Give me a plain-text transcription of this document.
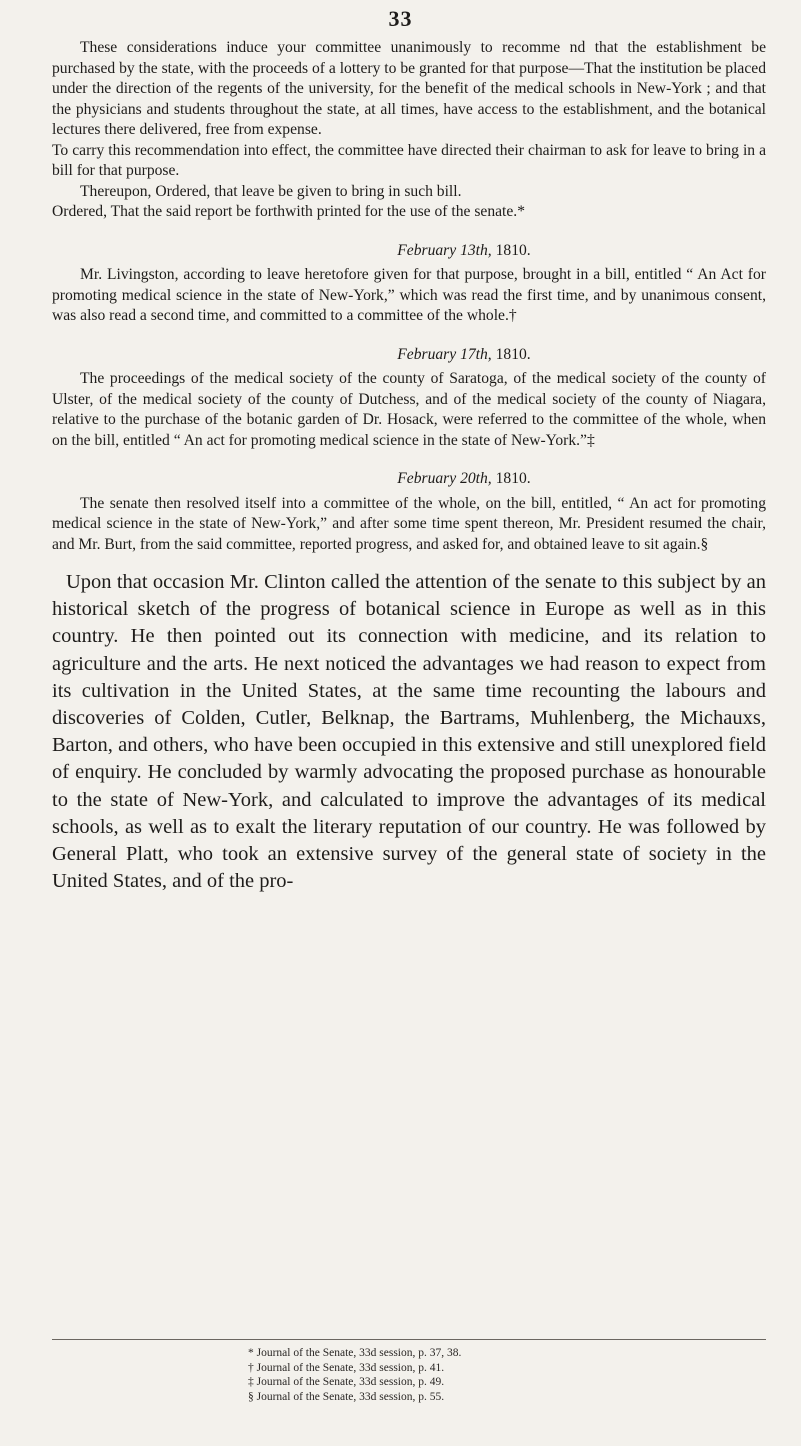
33

These considerations induce your committee unanimously to recomme nd that the establishment be purchased by the state, with the proceeds of a lottery to be granted for that purpose—That the institution be placed under the direction of the regents of the university, for the benefit of the medical schools in New-York ; and that the physicians and students throughout the state, at all times, have access to the establishment, and the botanical lectures there delivered, free from expense.

To carry this recommendation into effect, the committee have directed their chairman to ask for leave to bring in a bill for that purpose.

Thereupon, Ordered, that leave be given to bring in such bill.

Ordered, That the said report be forthwith printed for the use of the senate.*

February 13th, 1810.

Mr. Livingston, according to leave heretofore given for that purpose, brought in a bill, entitled “ An Act for promoting medical science in the state of New-York,” which was read the first time, and by unanimous consent, was also read a second time, and committed to a committee of the whole.†

February 17th, 1810.

The proceedings of the medical society of the county of Saratoga, of the medical society of the county of Ulster, of the medical society of the county of Dutchess, and of the medical society of the county of Niagara, relative to the purchase of the botanic garden of Dr. Hosack, were referred to the committee of the whole, when on the bill, entitled “ An act for promoting medical science in the state of New-York.”‡

February 20th, 1810.

The senate then resolved itself into a committee of the whole, on the bill, entitled, “ An act for promoting medical science in the state of New-York,” and after some time spent thereon, Mr. President resumed the chair, and Mr. Burt, from the said committee, reported progress, and asked for, and obtained leave to sit again.§

Upon that occasion Mr. Clinton called the attention of the senate to this subject by an historical sketch of the progress of botanical science in Europe as well as in this country. He then pointed out its connection with medicine, and its relation to agriculture and the arts. He next noticed the advantages we had reason to expect from its cultivation in the United States, at the same time recounting the labours and discoveries of Colden, Cutler, Belknap, the Bartrams, Muhlenberg, the Michauxs, Barton, and others, who have been occupied in this extensive and still unexplored field of enquiry. He concluded by warmly advocating the proposed purchase as honourable to the state of New-York, and calculated to improve the advantages of its medical schools, as well as to exalt the literary reputation of our country. He was followed by General Platt, who took an extensive survey of the general state of society in the United States, and of the pro-

* Journal of the Senate, 33d session, p. 37, 38.
† Journal of the Senate, 33d session, p. 41.
‡ Journal of the Senate, 33d session, p. 49.
§ Journal of the Senate, 33d session, p. 55.
